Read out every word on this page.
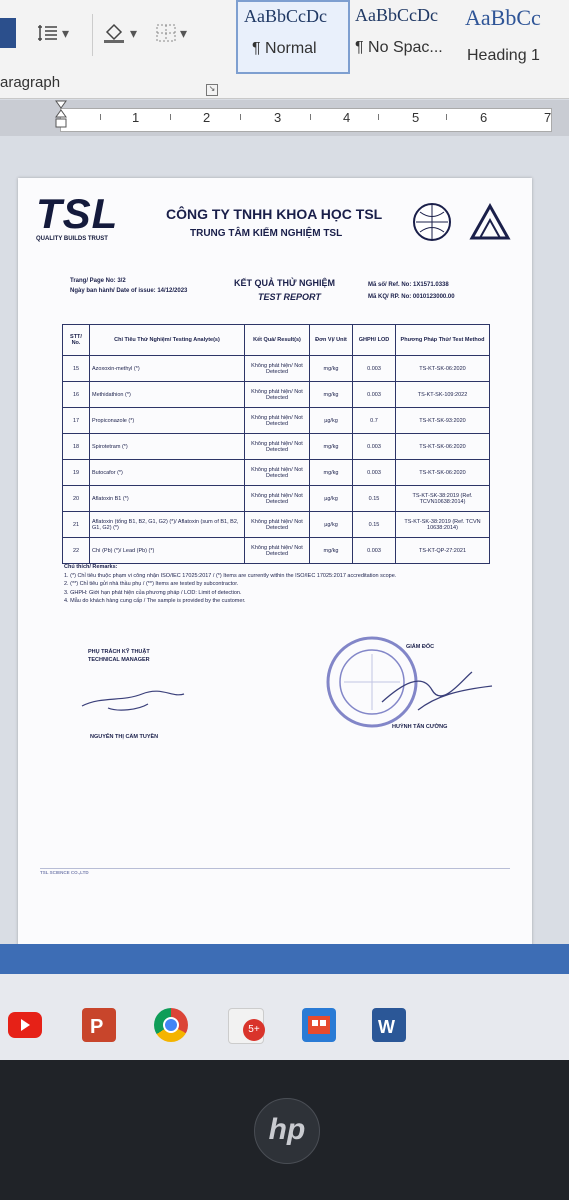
▾	▾	▾
AaBbCcDc
¶ Normal
AaBbCcDc
¶ No Spac...
AaBbCc
Heading 1
aragraph	↘
1	2	3	4	5	6	7
TSL
QUALITY BUILDS TRUST
CÔNG TY TNHH KHOA HỌC TSL
TRUNG TÂM KIỂM NGHIỆM TSL
Trang/ Page No: 3/2
Ngày ban hành/ Date of issue: 14/12/2023
Mã số/ Ref. No: 1X1571.0338
Mã KQ/ RP. No: 0010123000.00
KẾT QUẢ THỬ NGHIỆM
TEST REPORT
STT/ No.	Chỉ Tiêu Thử Nghiệm/ Testing Analyte(s)	Kết Quả/ Result(s)	Đơn Vị/ Unit	GHPH/ LOD	Phương Pháp Thử/ Test Method
15	Azoxoxin-methyl (*)	Không phát hiện/ Not Detected	mg/kg	0.003	TS-KT-SK-06:2020
16	Methidathion (*)	Không phát hiện/ Not Detected	mg/kg	0.003	TS-KT-SK-109:2022
17	Propiconazole (*)	Không phát hiện/ Not Detected	µg/kg	0.7	TS-KT-SK-93:2020
18	Spirotetram (*)	Không phát hiện/ Not Detected	mg/kg	0.003	TS-KT-SK-06:2020
19	Butocafor (*)	Không phát hiện/ Not Detected	mg/kg	0.003	TS-KT-SK-06:2020
20	Aflatoxin B1 (*)	Không phát hiện/ Not Detected	µg/kg	0.15	TS-KT-SK-38:2019 (Ref. TCVN10638:2014)
21	Aflatoxin (tổng B1, B2, G1, G2) (*)/ Aflatoxin (sum of B1, B2, G1, G2) (*)	Không phát hiện/ Not Detected	µg/kg	0.15	TS-KT-SK-38:2019 (Ref. TCVN 10638:2014)
22	Chì (Pb) (*)/ Lead (Pb) (*)	Không phát hiện/ Not Detected	mg/kg	0.003	TS-KT-QP-27:2021
Chú thích/ Remarks:
1. (*) Chỉ tiêu thuộc phạm vi công nhận ISO/IEC 17025:2017 / (*) Items are currently within the ISO/IEC 17025:2017 accreditation scope.
2. (**) Chỉ tiêu gửi nhà thầu phụ / (**) Items are tested by subcontractor.
3. GHPH: Giới hạn phát hiện của phương pháp / LOD: Limit of detection.
4. Mẫu do khách hàng cung cấp / The sample is provided by the customer.
PHỤ TRÁCH KỸ THUẬT
TECHNICAL MANAGER
NGUYỄN THỊ CẨM TUYỀN
GIÁM ĐỐC
HUỲNH TẤN CƯỜNG
TSL SCIENCE CO.,LTD
P	5+	W
hp
